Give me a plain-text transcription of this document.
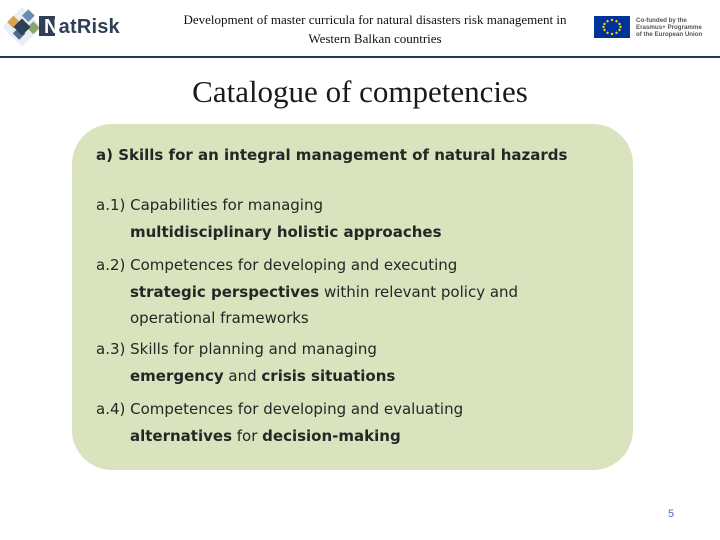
NatRisk	Development of master curricula for natural disasters risk management in
Western Balkan countries
Co-funded by the
Erasmus+ Programme
of the European Union
Catalogue of competencies
a) Skills for an integral management of natural hazards
a.1) Capabilities for managing
multidisciplinary holistic approaches
a.2) Competences for developing and executing
strategic perspectives within relevant policy and
operational frameworks
a.3) Skills for planning and managing
emergency and crisis situations
a.4) Competences for developing and evaluating
alternatives for decision-making
5
